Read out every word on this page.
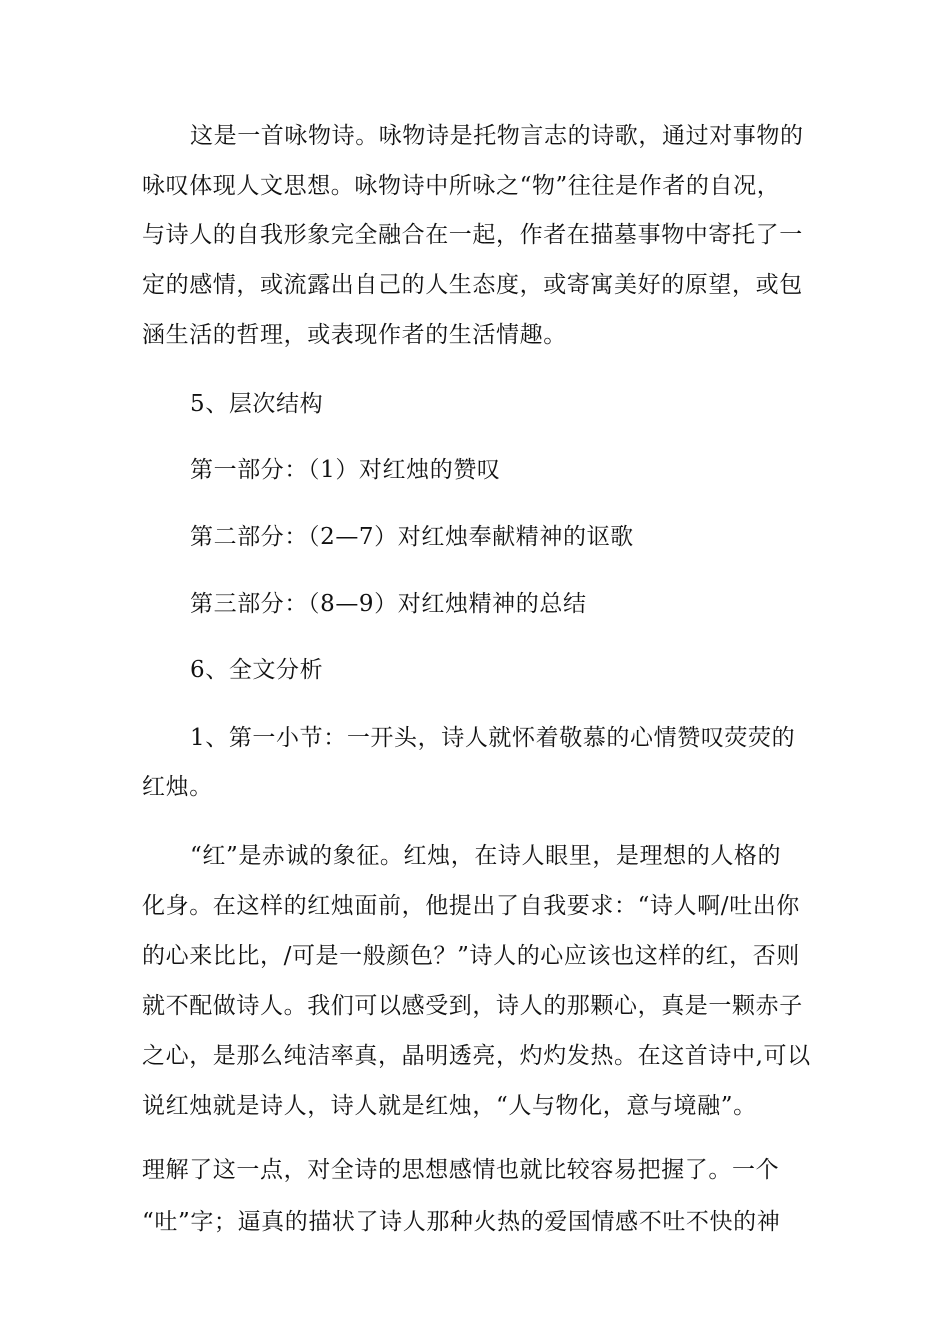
这是一首咏物诗。咏物诗是托物言志的诗歌，通过对事物的
咏叹体现人文思想。咏物诗中所咏之“物”往往是作者的自况，
与诗人的自我形象完全融合在一起，作者在描墓事物中寄托了一
定的感情，或流露出自己的人生态度，或寄寓美好的原望，或包
涵生活的哲理，或表现作者的生活情趣。
5、层次结构
第一部分：（1）对红烛的赞叹
第二部分：（2—7）对红烛奉献精神的讴歌
第三部分：（8—9）对红烛精神的总结
6、全文分析
1、第一小节：一开头，诗人就怀着敬慕的心情赞叹荧荧的
红烛。
“红”是赤诚的象征。红烛，在诗人眼里，是理想的人格的
化身。在这样的红烛面前，他提出了自我要求：“诗人啊/吐出你
的心来比比，/可是一般颜色？”诗人的心应该也这样的红，否则
就不配做诗人。我们可以感受到，诗人的那颗心，真是一颗赤子
之心，是那么纯洁率真，晶明透亮，灼灼发热。在这首诗中,可以
说红烛就是诗人，诗人就是红烛，“人与物化，意与境融”。
理解了这一点，对全诗的思想感情也就比较容易把握了。一个
“吐”字；逼真的描状了诗人那种火热的爱国情感不吐不快的神
